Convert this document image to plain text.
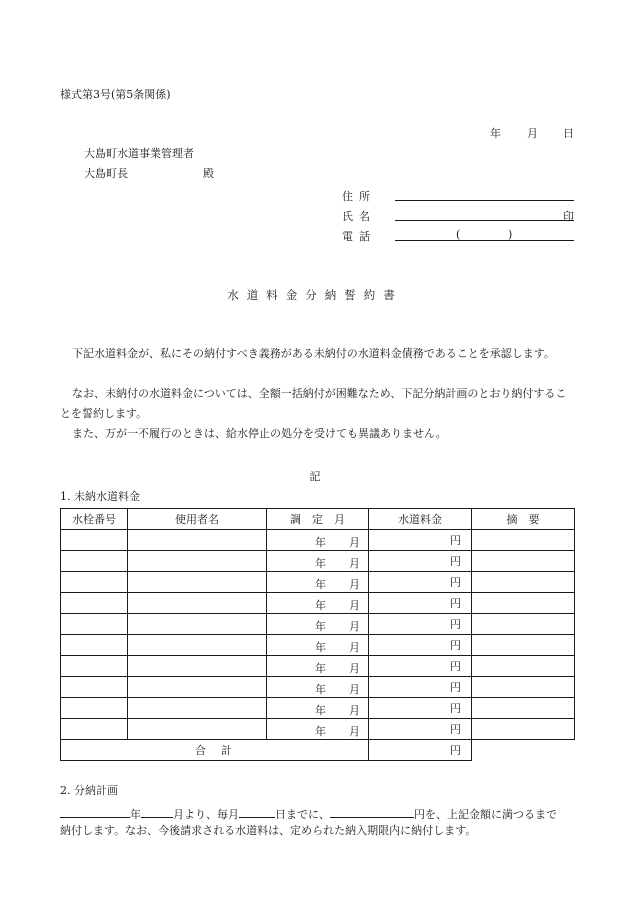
様式第3号(第5条関係)
年 月 日
大島町水道事業管理者
大島町長	殿
住所
氏名	印
電話	(	)
水道料金分納誓約書
下記水道料金が、私にその納付すべき義務がある未納付の水道料金債務であることを承認します。
なお、未納付の水道料金については、全額一括納付が困難なため、下記分納計画のとおり納付することを誓約します。
また、万が一不履行のときは、給水停止の処分を受けても異議ありません。
記
1. 未納水道料金
水栓番号	使用者名	調　定　月	水道料金	摘　要

		年 月	円	

		年 月	円	

		年 月	円	

		年 月	円	

		年 月	円	

		年 月	円	

		年 月	円	

		年 月	円	

		年 月	円	

		年 月	円	
合　計			円	
2. 分納計画
年	月より、毎月	日までに、	円を、上記金額に満つるまで
納付します。なお、今後請求される水道料は、定められた納入期限内に納付します。
